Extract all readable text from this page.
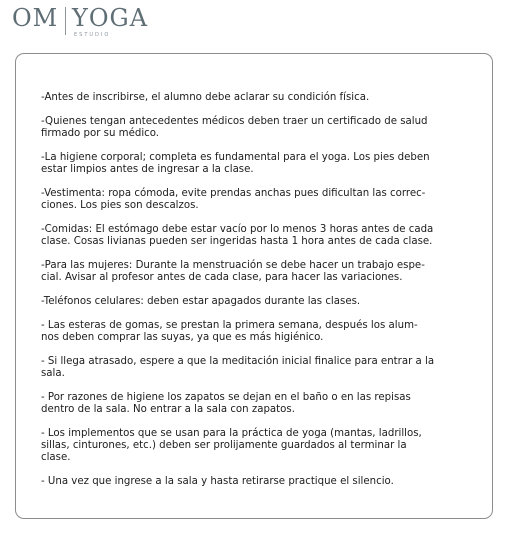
OM YOGA
ESTUDIO
-Antes de inscribirse, el alumno debe aclarar su condición física.
-Quienes tengan antecedentes médicos deben traer un certificado de salud
firmado por su médico.
-La higiene corporal; completa es fundamental para el yoga. Los pies deben
estar limpios antes de ingresar a la clase.
-Vestimenta: ropa cómoda, evite prendas anchas pues dificultan las correc-
ciones. Los pies son descalzos.
-Comidas: El estómago debe estar vacío por lo menos 3 horas antes de cada
clase. Cosas livianas pueden ser ingeridas hasta 1 hora antes de cada clase.
-Para las mujeres: Durante la menstruación se debe hacer un trabajo espe-
cial. Avisar al profesor antes de cada clase, para hacer las variaciones.
-Teléfonos celulares: deben estar apagados durante las clases.
- Las esteras de gomas, se prestan la primera semana, después los alum-
nos deben comprar las suyas, ya que es más higiénico.
- Si llega atrasado, espere a que la meditación inicial finalice para entrar a la
sala.
- Por razones de higiene los zapatos se dejan en el baño o en las repisas
dentro de la sala. No entrar a la sala con zapatos.
- Los implementos que se usan para la práctica de yoga (mantas, ladrillos,
sillas, cinturones, etc.) deben ser prolijamente guardados al terminar la
clase.
- Una vez que ingrese a la sala y hasta retirarse practique el silencio.
